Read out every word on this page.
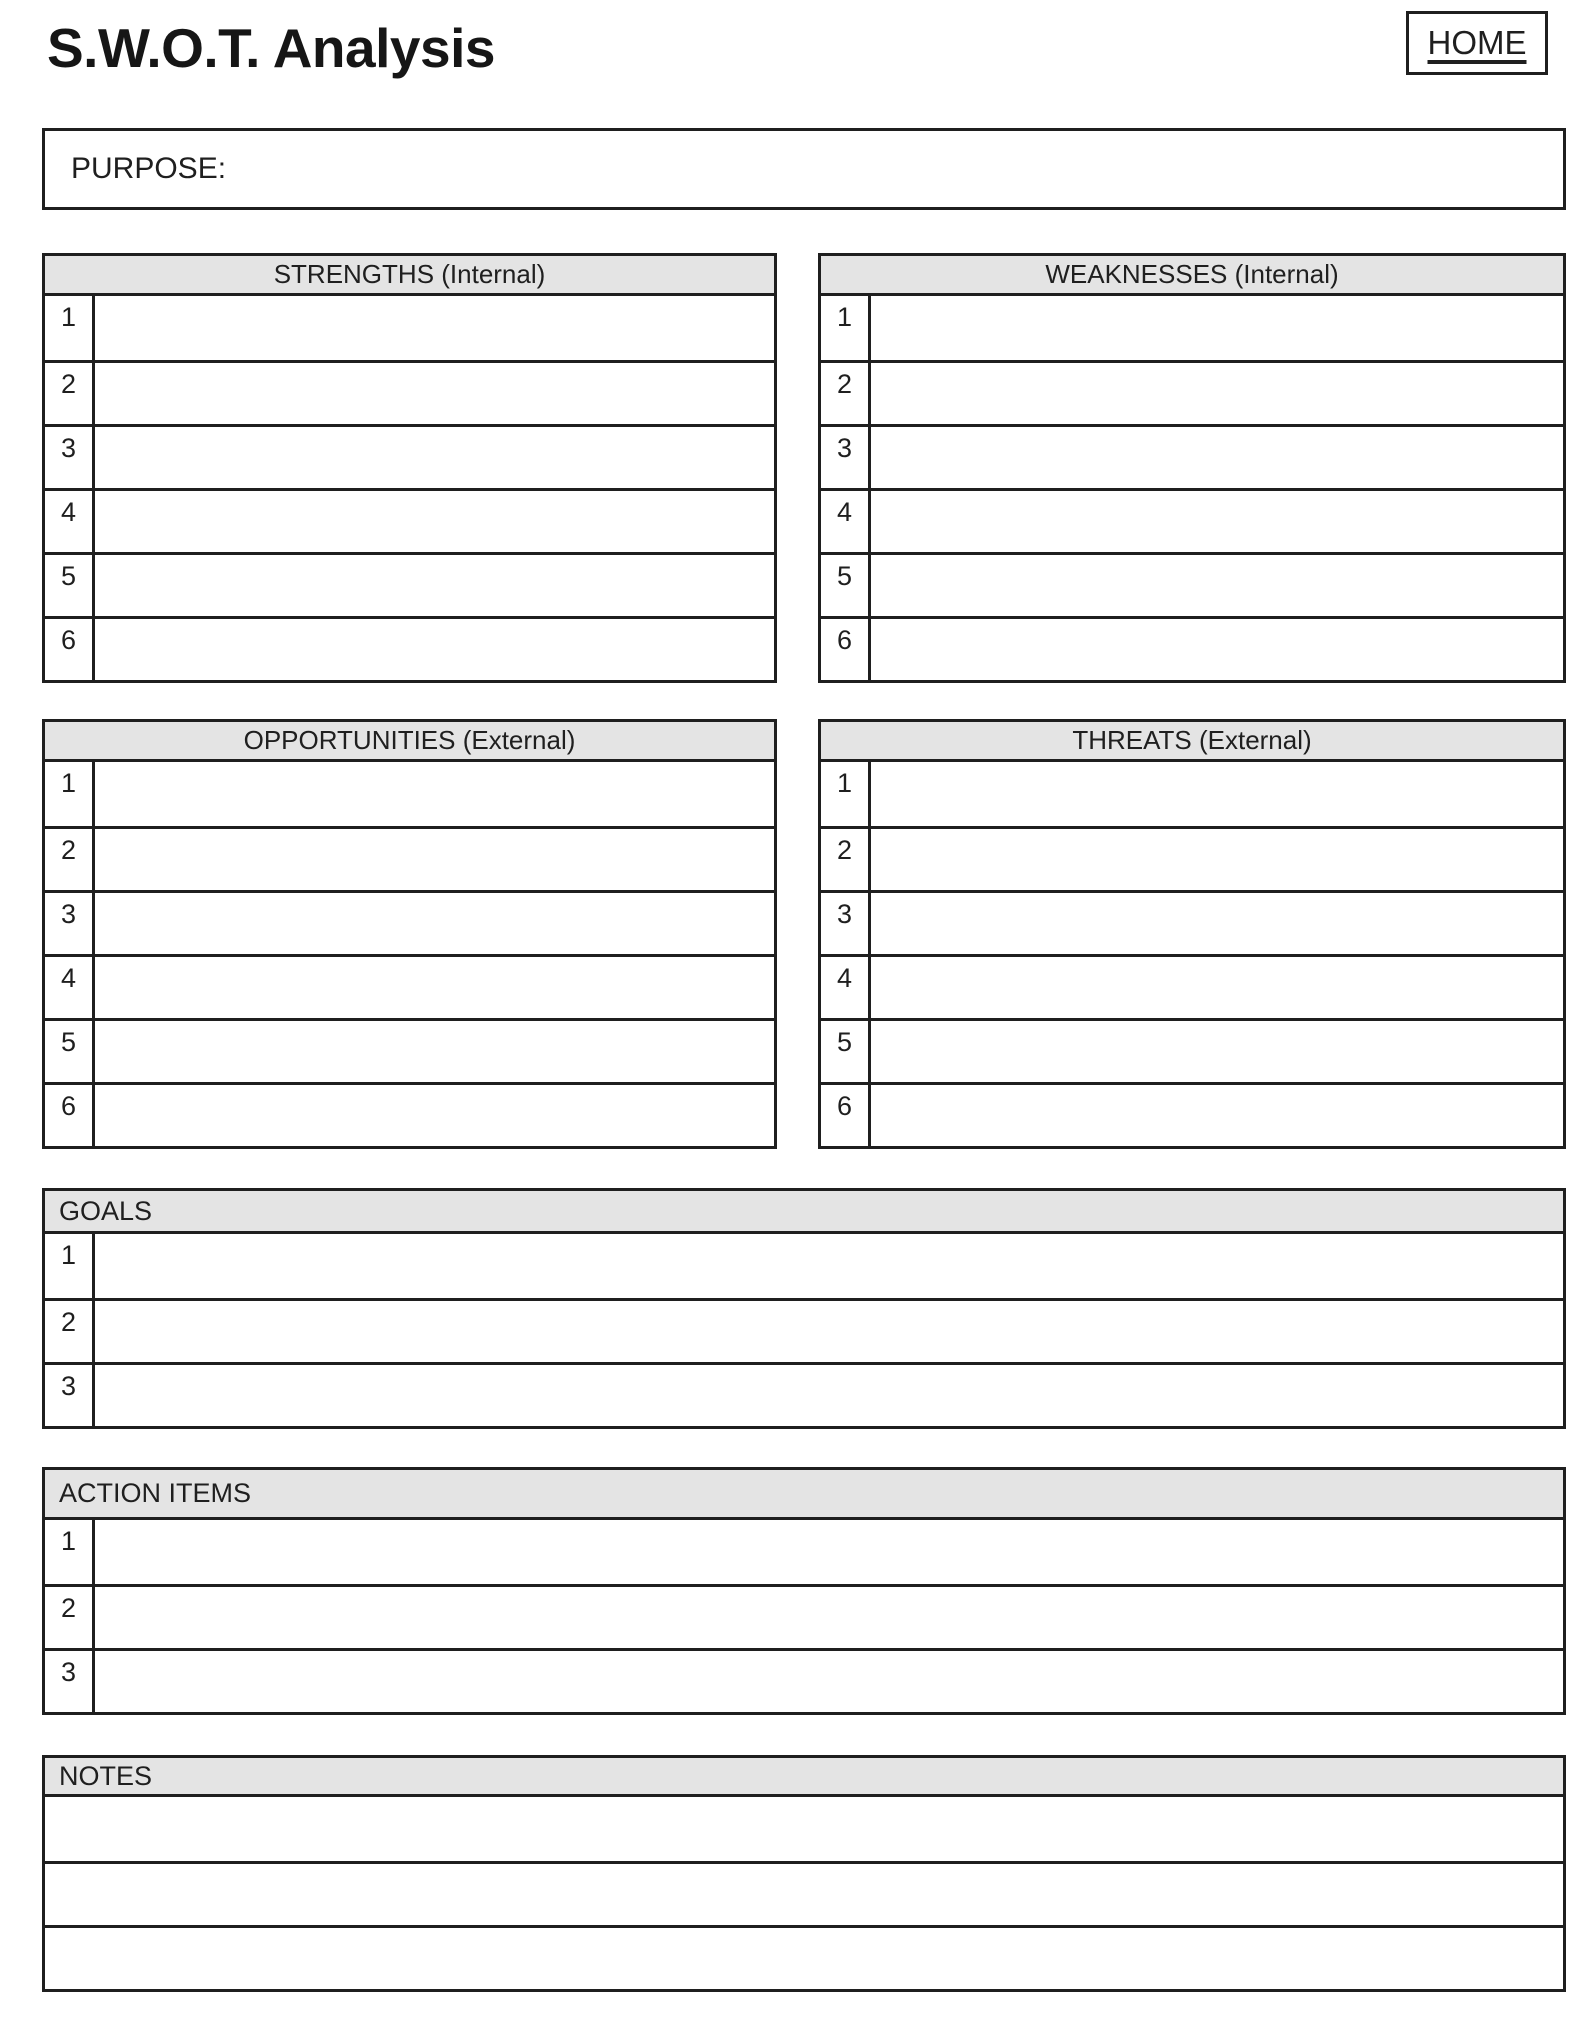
S.W.O.T. Analysis	HOME
PURPOSE:
STRENGTHS (Internal)
1
2
3
4
5
6
WEAKNESSES (Internal)
1
2
3
4
5
6
OPPORTUNITIES (External)
1
2
3
4
5
6
THREATS (External)
1
2
3
4
5
6
GOALS
1
2
3
ACTION ITEMS
1
2
3
NOTES
